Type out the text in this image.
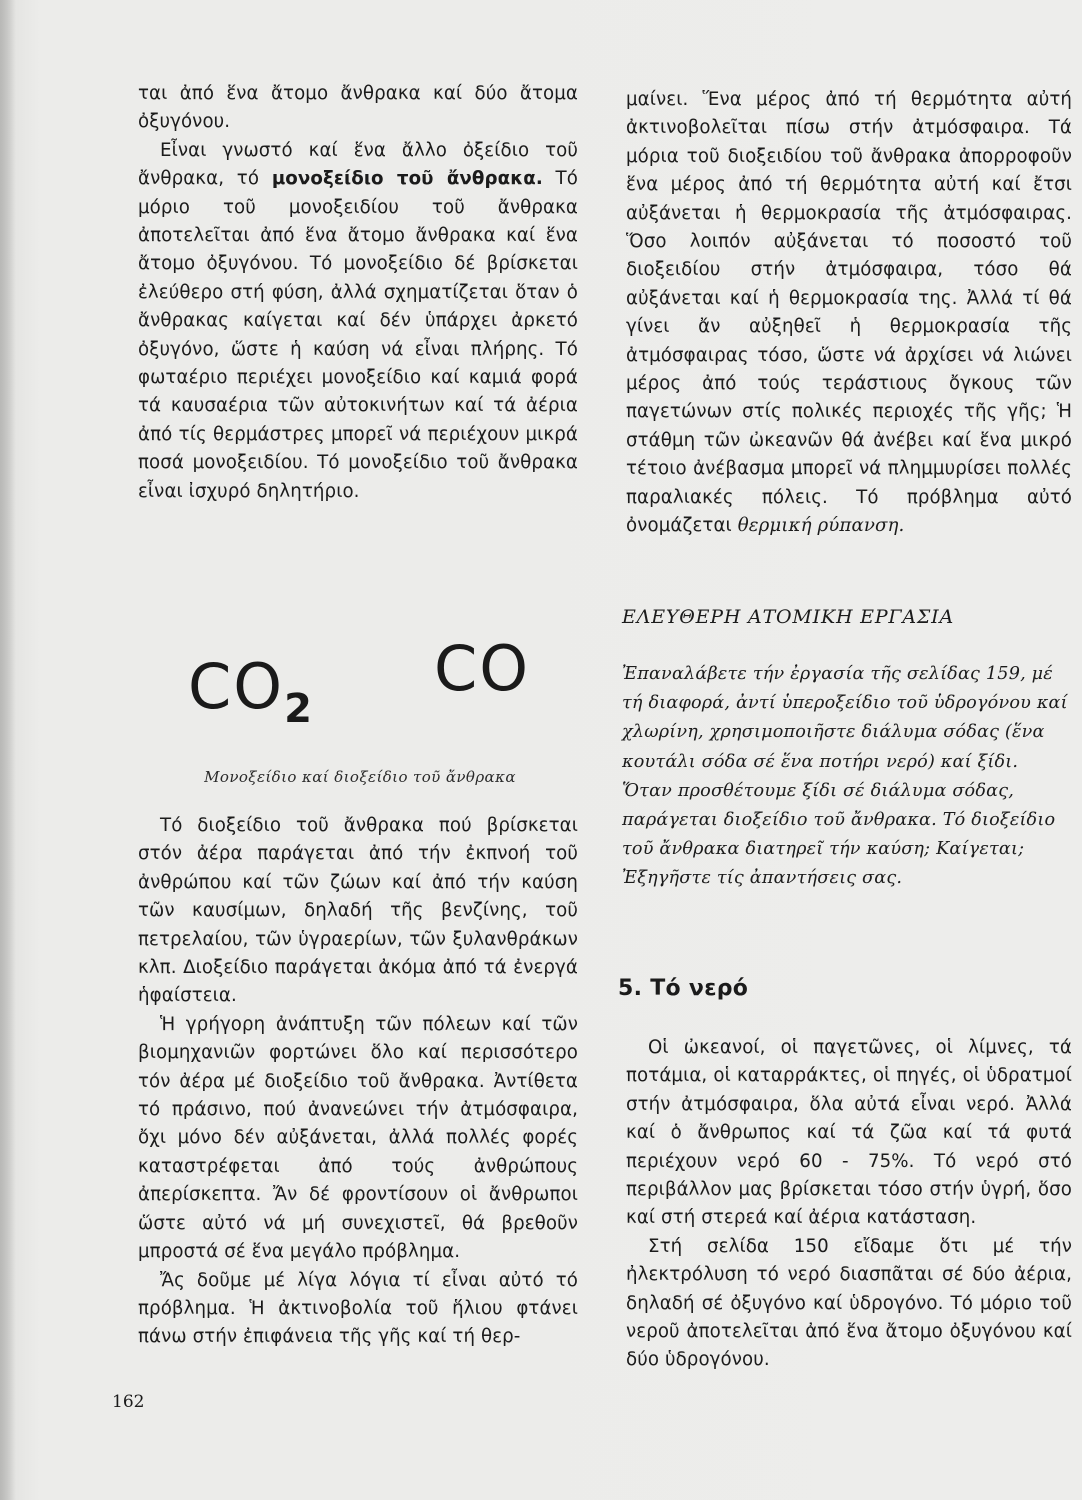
ται ἀπό ἕνα ἄτομο ἄνθρακα καί δύο ἄτομα ὀξυγόνου.

Εἶναι γνωστό καί ἕνα ἄλλο ὀξείδιο τοῦ ἄνθρακα, τό μονοξείδιο τοῦ ἄνθρακα. Τό μόριο τοῦ μονοξειδίου τοῦ ἄνθρακα ἀποτελεῖται ἀπό ἕνα ἄτομο ἄνθρακα καί ἕνα ἄτομο ὀξυγόνου. Τό μονοξείδιο δέ βρίσκεται ἐλεύθερο στή φύση, ἀλλά σχηματίζεται ὅταν ὁ ἄνθρακας καίγεται καί δέν ὑπάρχει ἀρκετό ὀξυγόνο, ὥστε ἡ καύση νά εἶναι πλήρης. Τό φωταέριο περιέχει μονοξείδιο καί καμιά φορά τά καυσαέρια τῶν αὐτοκινήτων καί τά ἀέρια ἀπό τίς θερμάστρες μπορεῖ νά περιέχουν μικρά ποσά μονοξειδίου. Τό μονοξείδιο τοῦ ἄνθρακα εἶναι ἰσχυρό δηλητήριο.

$CO_2$
CO
Μονοξείδιο καί διοξείδιο τοῦ ἄνθρακα

Τό διοξείδιο τοῦ ἄνθρακα πού βρίσκεται στόν ἀέρα παράγεται ἀπό τήν ἐκπνοή τοῦ ἀνθρώπου καί τῶν ζώων καί ἀπό τήν καύση τῶν καυσίμων, δηλαδή τῆς βενζίνης, τοῦ πετρελαίου, τῶν ὑγραερίων, τῶν ξυλανθράκων κλπ. Διοξείδιο παράγεται ἀκόμα ἀπό τά ἐνεργά ἡφαίστεια.

Ἡ γρήγορη ἀνάπτυξη τῶν πόλεων καί τῶν βιομηχανιῶν φορτώνει ὅλο καί περισσότερο τόν ἀέρα μέ διοξείδιο τοῦ ἄνθρακα. Ἀντίθετα τό πράσινο, πού ἀνανεώνει τήν ἀτμόσφαιρα, ὄχι μόνο δέν αὐξάνεται, ἀλλά πολλές φορές καταστρέφεται ἀπό τούς ἀνθρώπους ἀπερίσκεπτα. Ἄν δέ φροντίσουν οἱ ἄνθρωποι ὥστε αὐτό νά μή συνεχιστεῖ, θά βρεθοῦν μπροστά σέ ἕνα μεγάλο πρόβλημα.

Ἄς δοῦμε μέ λίγα λόγια τί εἶναι αὐτό τό πρόβλημα. Ἡ ἀκτινοβολία τοῦ ἥλιου φτάνει πάνω στήν ἐπιφάνεια τῆς γῆς καί τή θερ-

μαίνει. Ἕνα μέρος ἀπό τή θερμότητα αὐτή ἀκτινοβολεῖται πίσω στήν ἀτμόσφαιρα. Τά μόρια τοῦ διοξειδίου τοῦ ἄνθρακα ἀπορροφοῦν ἕνα μέρος ἀπό τή θερμότητα αὐτή καί ἔτσι αὐξάνεται ἡ θερμοκρασία τῆς ἀτμόσφαιρας. Ὅσο λοιπόν αὐξάνεται τό ποσοστό τοῦ διοξειδίου στήν ἀτμόσφαιρα, τόσο θά αὐξάνεται καί ἡ θερμοκρασία της. Ἀλλά τί θά γίνει ἄν αὐξηθεῖ ἡ θερμοκρασία τῆς ἀτμόσφαιρας τόσο, ὥστε νά ἀρχίσει νά λιώνει μέρος ἀπό τούς τεράστιους ὄγκους τῶν παγετώνων στίς πολικές περιοχές τῆς γῆς; Ἡ στάθμη τῶν ὠκεανῶν θά ἀνέβει καί ἕνα μικρό τέτοιο ἀνέβασμα μπορεῖ νά πλημμυρίσει πολλές παραλιακές πόλεις. Τό πρόβλημα αὐτό ὀνομάζεται θερμική ρύπανση.

ΕΛΕΥΘΕΡΗ ΑΤΟΜΙΚΗ ΕΡΓΑΣΙΑ

Ἐπαναλάβετε τήν ἐργασία τῆς σελίδας 159, μέ τή διαφορά, ἀντί ὑπεροξείδιο τοῦ ὑδρογόνου καί χλωρίνη, χρησιμοποιῆστε διάλυμα σόδας (ἕνα κουτάλι σόδα σέ ἕνα ποτήρι νερό) καί ξίδι. Ὅταν προσθέτουμε ξίδι σέ διάλυμα σόδας, παράγεται διοξείδιο τοῦ ἄνθρακα. Τό διοξείδιο τοῦ ἄνθρακα διατηρεῖ τήν καύση; Καίγεται; Ἐξηγῆστε τίς ἀπαντήσεις σας.

5. Τό νερό

Οἱ ὠκεανοί, οἱ παγετῶνες, οἱ λίμνες, τά ποτάμια, οἱ καταρράκτες, οἱ πηγές, οἱ ὑδρατμοί στήν ἀτμόσφαιρα, ὅλα αὐτά εἶναι νερό. Ἀλλά καί ὁ ἄνθρωπος καί τά ζῶα καί τά φυτά περιέχουν νερό 60 - 75%. Τό νερό στό περιβάλλον μας βρίσκεται τόσο στήν ὑγρή, ὅσο καί στή στερεά καί ἀέρια κατάσταση.

Στή σελίδα 150 εἴδαμε ὅτι μέ τήν ἠλεκτρόλυση τό νερό διασπᾶται σέ δύο ἀέρια, δηλαδή σέ ὀξυγόνο καί ὑδρογόνο. Τό μόριο τοῦ νεροῦ ἀποτελεῖται ἀπό ἕνα ἄτομο ὀξυγόνου καί δύο ὑδρογόνου.

162
